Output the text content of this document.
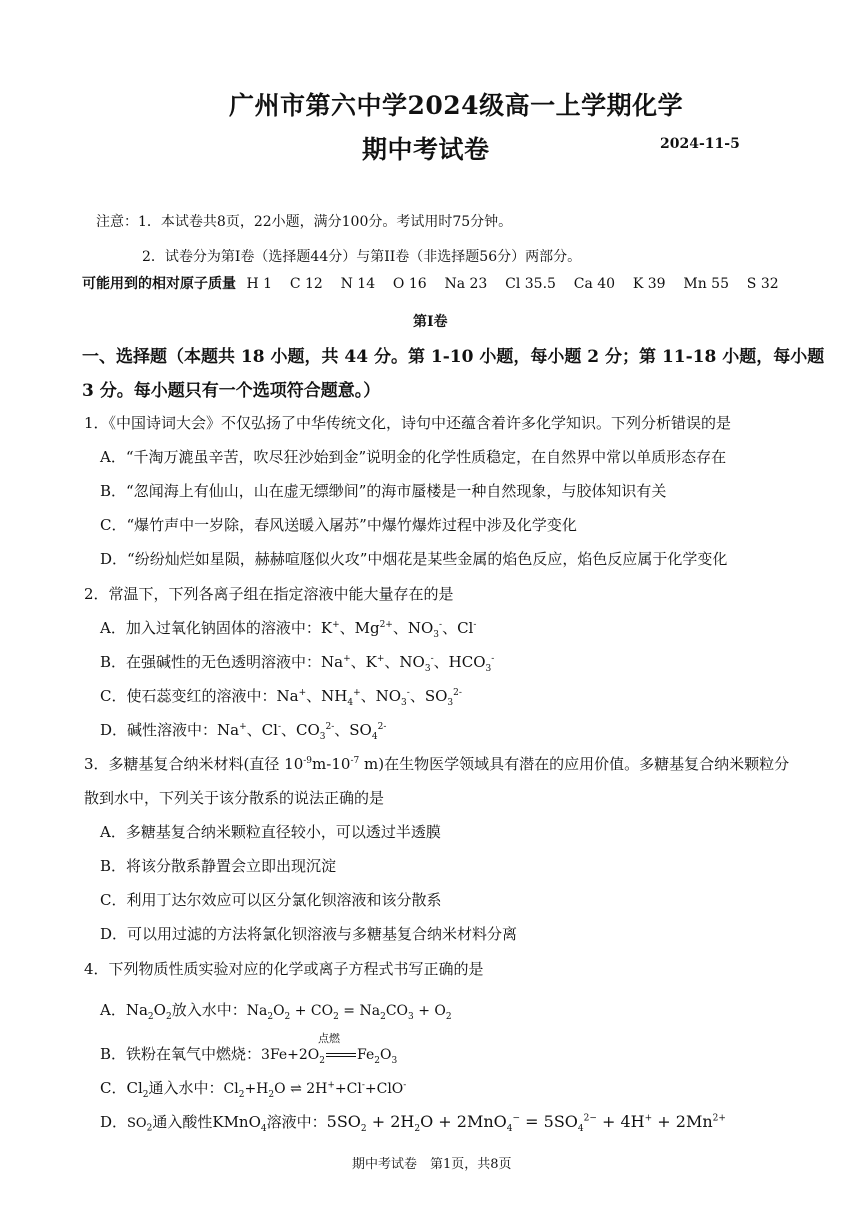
广州市第六中学2024级高一上学期化学
期中考试卷	2024-11-5
注意：1．本试卷共8页，22小题，满分100分。考试用时75分钟。
2．试卷分为第I卷（选择题44分）与第II卷（非选择题56分）两部分。
可能用到的相对原子质量 H 1    C 12    N 14    O 16    Na 23    Cl 35.5    Ca 40    K 39    Mn 55    S 32
第I卷
一、选择题（本题共 18 小题，共 44 分。第 1-10 小题，每小题 2 分；第 11-18 小题，每小题
3 分。每小题只有一个选项符合题意。）
1．《中国诗词大会》不仅弘扬了中华传统文化，诗句中还蕴含着许多化学知识。下列分析错误的是
A．“千淘万漉虽辛苦，吹尽狂沙始到金”说明金的化学性质稳定，在自然界中常以单质形态存在
B．“忽闻海上有仙山，山在虚无缥缈间”的海市蜃楼是一种自然现象，与胶体知识有关
C．“爆竹声中一岁除，春风送暖入屠苏”中爆竹爆炸过程中涉及化学变化
D．“纷纷灿烂如星陨，赫赫喧豗似火攻”中烟花是某些金属的焰色反应，焰色反应属于化学变化
2．常温下，下列各离子组在指定溶液中能大量存在的是
A．加入过氧化钠固体的溶液中：K+、$Mg^{2+}$、$NO_3^-$、Cl-
B．在强碱性的无色透明溶液中：Na+、K+、$NO_3^-$、$HCO_3^-$
C．使石蕊变红的溶液中：Na+、$NH_4^+$、$NO_3^-$、$SO_3^{2-}$
D．碱性溶液中：Na+、Cl-、$CO_3^{2-}$、$SO_4^{2-}$
3．多糖基复合纳米材料(直径 $10^{-9}m-10^{-7}$ m)在生物医学领域具有潜在的应用价值。多糖基复合纳米颗粒分
散到水中，下列关于该分散系的说法正确的是
A．多糖基复合纳米颗粒直径较小，可以透过半透膜
B．将该分散系静置会立即出现沉淀
C．利用丁达尔效应可以区分氯化钡溶液和该分散系
D．可以用过滤的方法将氯化钡溶液与多糖基复合纳米材料分离
4．下列物质性质实验对应的化学或离子方程式书写正确的是
A．$Na_2O_2$放入水中：$Na_2O_2 + CO_2 = Na_2CO_3 + O_2$
B．铁粉在氧气中燃烧：$3Fe+2O_2$ $Fe_2O_3$
点燃
C．$Cl_2$通入水中：$Cl_2+H_2O$ ⇌ 2H++Cl-+ClO-
D．$SO_2$通入酸性KMnO$_4$溶液中：$5SO_2 + 2H_2O + 2MnO_4^- = 5SO_4^{2-} + 4H^+ + 2Mn^{2+}$
期中考试卷　第1页，共8页
